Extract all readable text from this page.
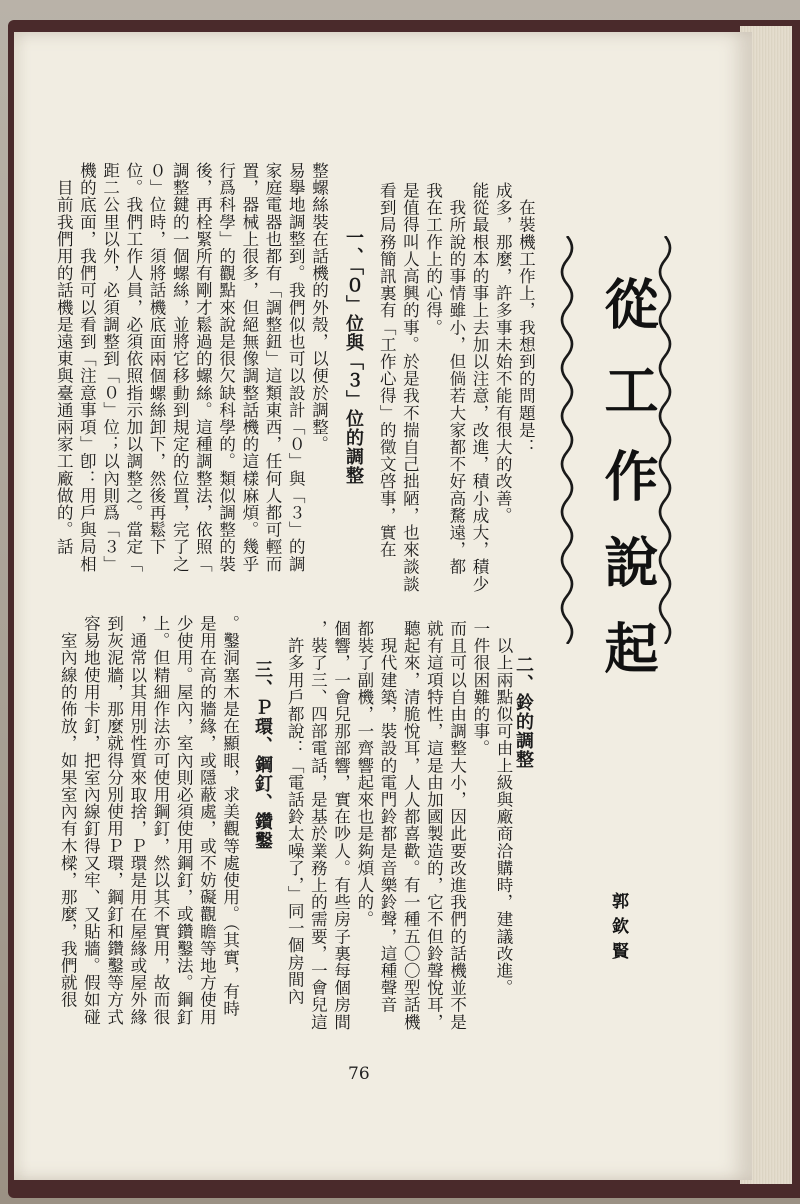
從工作說起
郭欽賢
76
　在裝機工作上，我想到的問題是：
成多，那麼，許多事未始不能有很大的改善。
能從最根本的事上去加以注意，改進，積小成大，積少
　我所說的事情雖小，但倘若大家都不好高騖遠，都
我在工作上的心得。
是值得叫人高興的事。於是我不揣自己拙陋，也來談談
看到局務簡訊裏有「工作心得」的徵文啓事，實在
一、「０」位與「３」位的調整
整螺絲裝在話機的外殼，以便於調整。
易擧地調整到。我們似也可以設計「０」與「３」的調
家庭電器也都有「調整鈕」這類東西，任何人都可輕而
置，器械上很多，但絕無像調整話機的這樣麻煩。幾乎
行爲科學」的觀點來說是很欠缺科學的。類似調整的裝
後，再栓緊所有剛才鬆過的螺絲。這種調整法，依照「
調整鍵的一個螺絲，並將它移動到規定的位置，完了之
０」位時，須將話機底面兩個螺絲卸下，然後再鬆下
位。我們工作人員，必須依照指示加以調整之。當定「
距二公里以外，必須調整到「０」位；以內則爲「３」
機的底面，我們可以看到「注意事項」卽：用戶與局相
　目前我們用的話機是遠東與臺通兩家工廠做的。話
二、鈴的調整
　以上兩點似可由上級與廠商洽購時，建議改進。
一件很困難的事。
而且可以自由調整大小，因此要改進我們的話機並不是
就有這項特性，這是由加國製造的，它不但鈴聲悅耳，
聽起來，清脆悅耳，人人都喜歡。有一種五〇〇型話機
　現代建築，裝設的電門鈴都是音樂鈴聲，這種聲音
都裝了副機，一齊響起來也是夠煩人的。
個響，一會兒那部響，實在吵人。有些房子裏每個房間
，裝了三、四部電話，是基於業務上的需要，一會兒這
　許多用戶都說：「電話鈴太噪了，」同一個房間內
三、Ｐ環、鋼釘、鑽鑿
。鑿洞塞木是在顯眼，求美觀等處使用。（其實，有時
是用在高的牆緣，或隱蔽處，或不妨礙觀瞻等地方使用
少使用。屋內，室內則必須使用鋼釘，或鑽鑿法。鋼釘
上。但精細作法亦可使用鋼釘，然以其不實用，故而很
，通常以其用別性質來取捨，Ｐ環是用在屋緣或屋外緣
到灰泥牆，那麼就得分別使用Ｐ環，鋼釘和鑽鑿等方式
容易地使用卡釘，把室內線釘得又牢、又貼牆。假如碰
　室內線的佈放，如果室內有木樑，那麼，我們就很
